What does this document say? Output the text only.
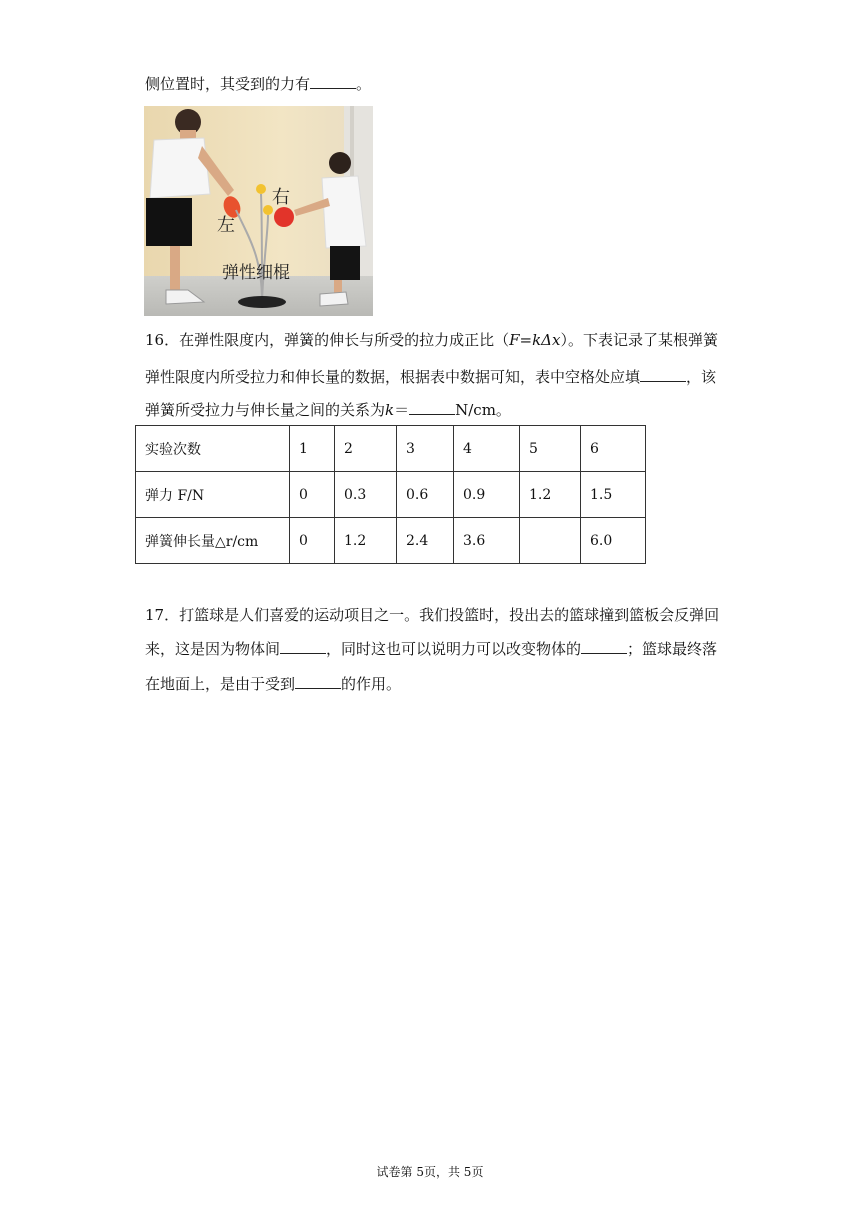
侧位置时，其受到的力有	。
左
右
弹性细棍
16．在弹性限度内，弹簧的伸长与所受的拉力成正比（F=kΔx）。下表记录了某根弹簧
弹性限度内所受拉力和伸长量的数据，根据表中数据可知，表中空格处应填	，该
弹簧所受拉力与伸长量之间的关系为k＝	N/cm。
实验次数	1	2	3	4	5	6
弹力 F/N	0	0.3	0.6	0.9	1.2	1.5
弹簧伸长量△r/cm	0	1.2	2.4	3.6		6.0
17．打篮球是人们喜爱的运动项目之一。我们投篮时，投出去的篮球撞到篮板会反弹回
来，这是因为物体间	，同时这也可以说明力可以改变物体的	；篮球最终落
在地面上，是由于受到	的作用。
试卷第 5页，共 5页
